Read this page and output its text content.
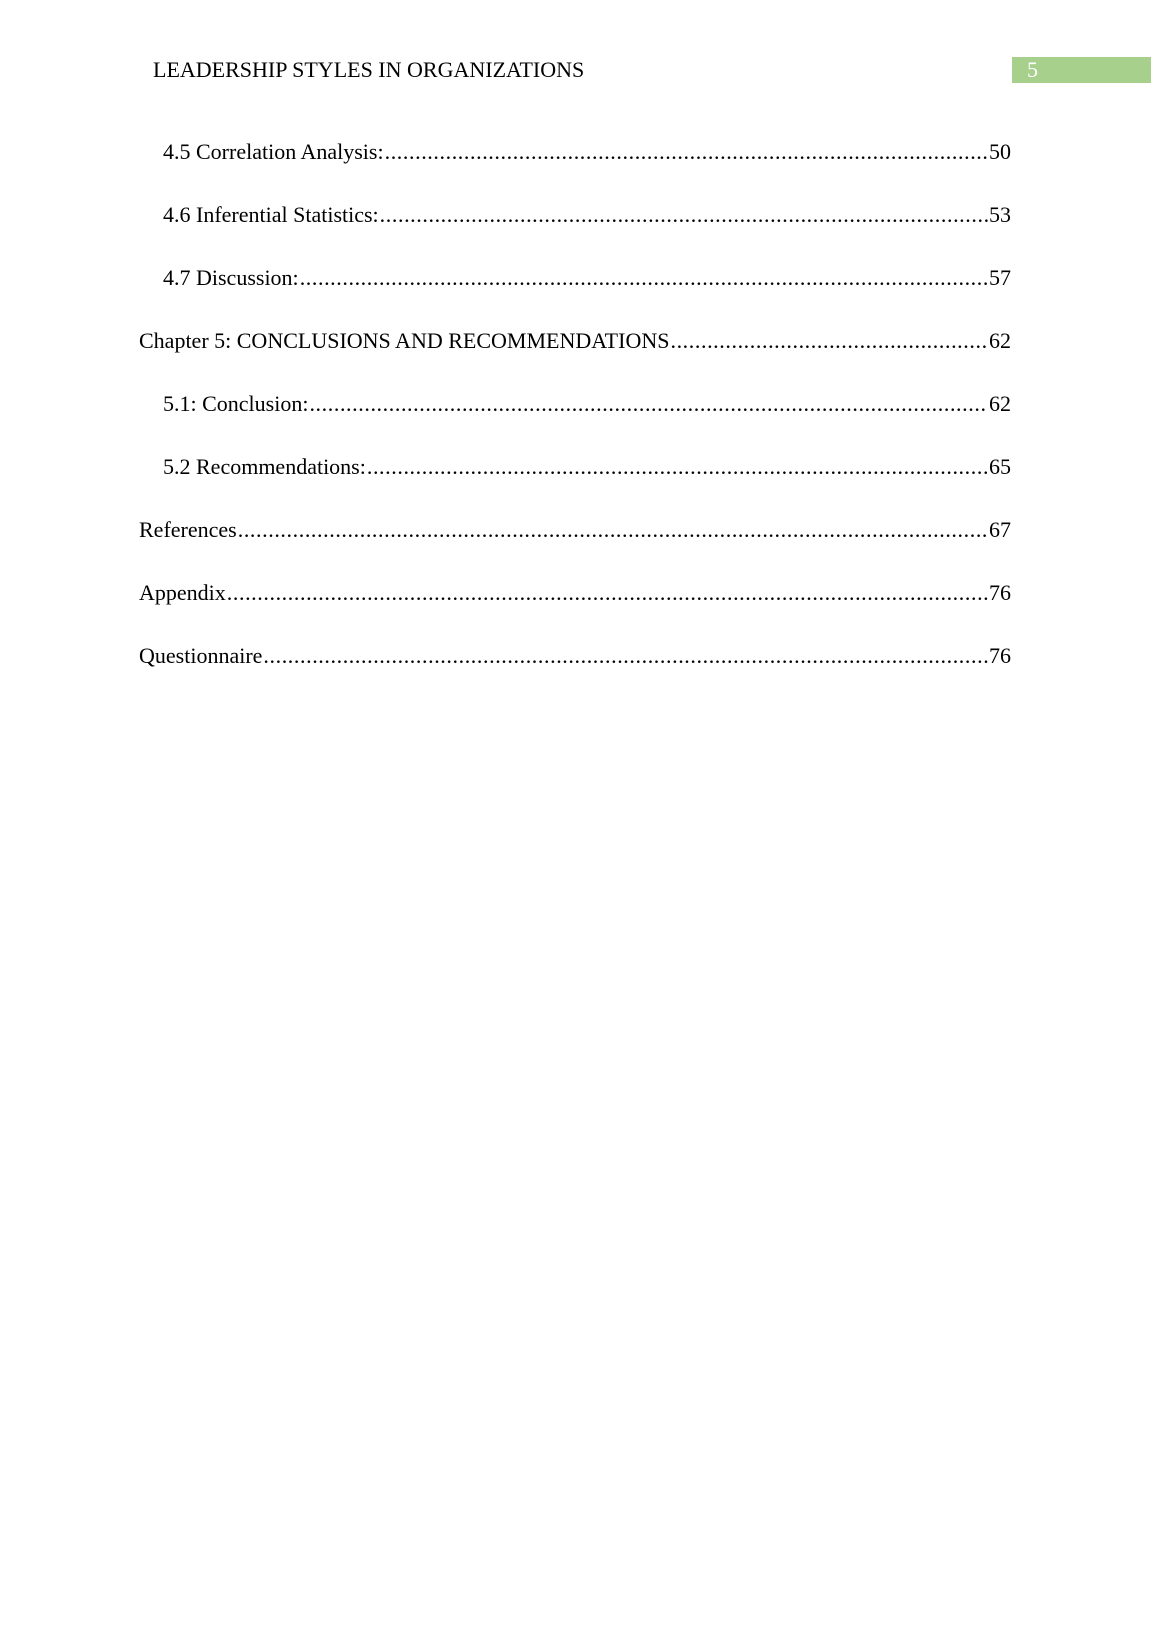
LEADERSHIP STYLES IN ORGANIZATIONS	5
4.5 Correlation Analysis: .....	50
4.6 Inferential Statistics: .....	53
4.7 Discussion: .....	57
Chapter 5: CONCLUSIONS AND RECOMMENDATIONS .....	62
5.1: Conclusion: .....	62
5.2 Recommendations: .....	65
References .....	67
Appendix .....	76
Questionnaire .....	76
